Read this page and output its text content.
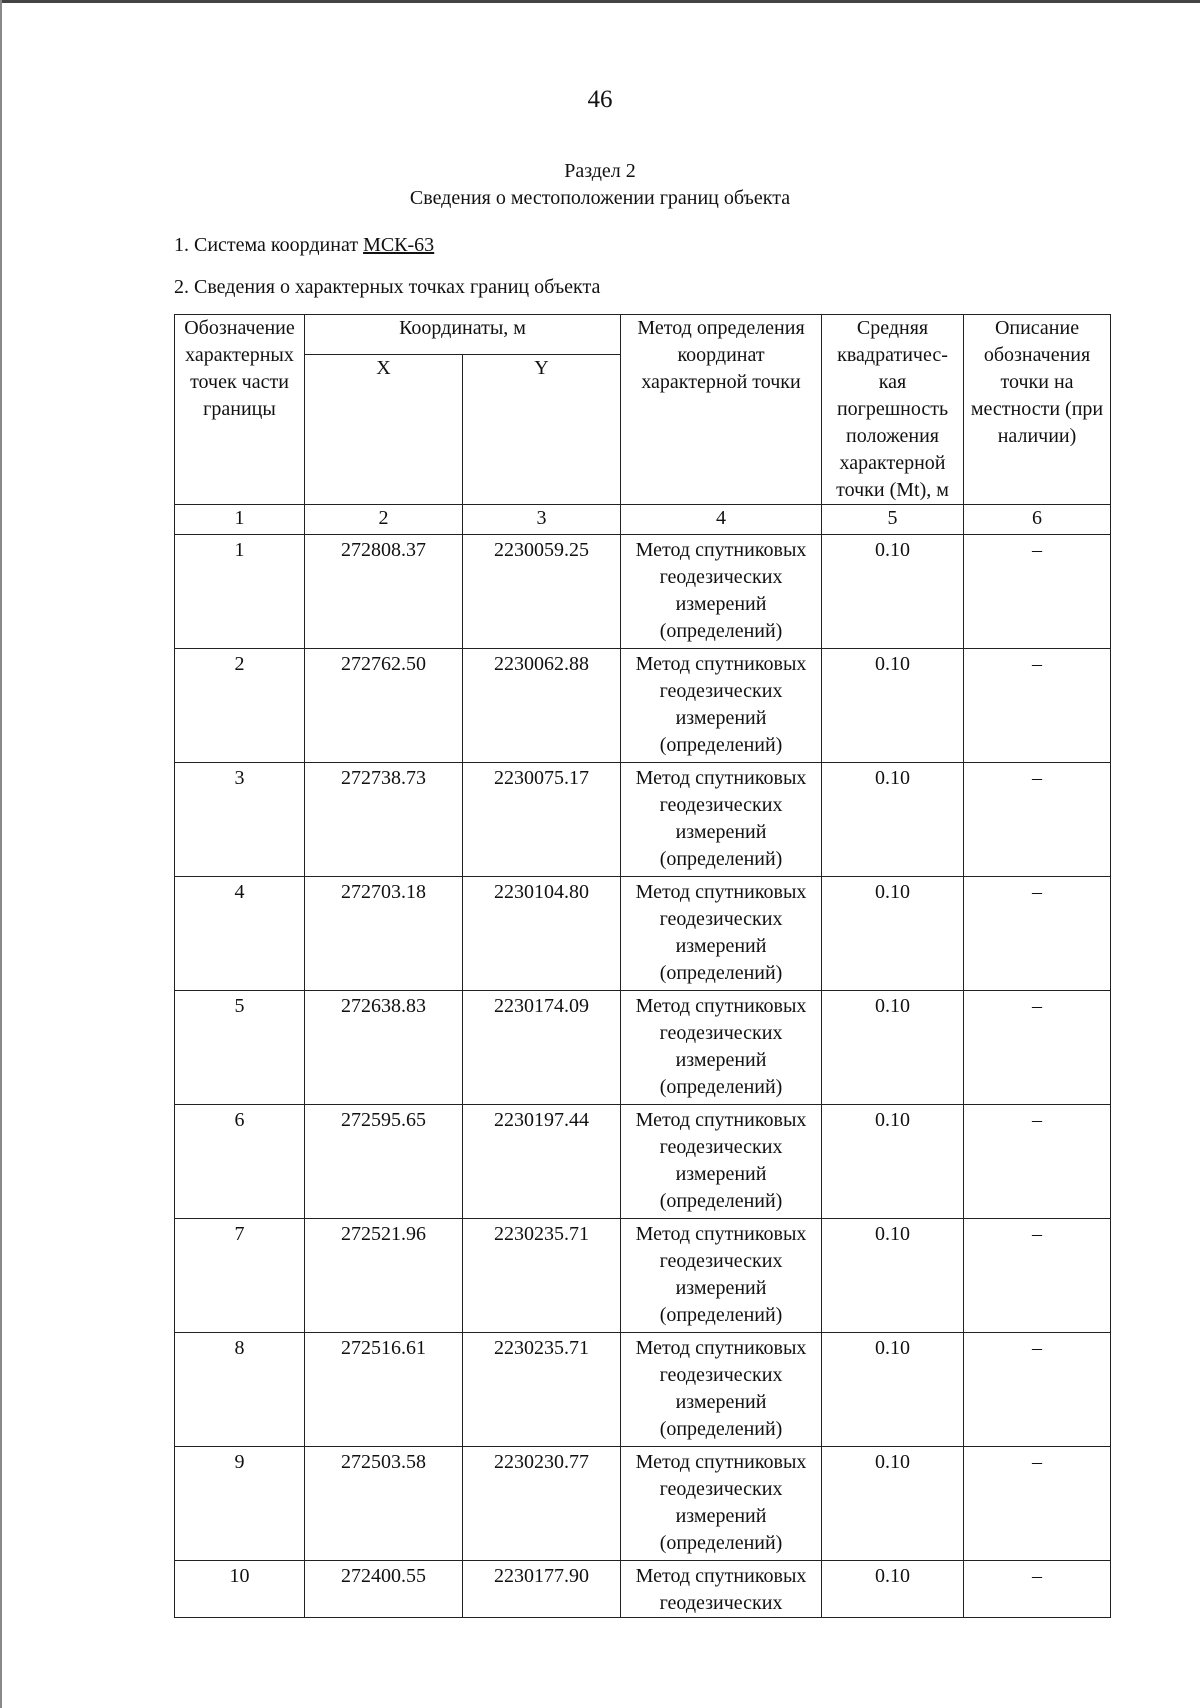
46
Раздел 2
Сведения о местоположении границ объекта
1. Система координат МСК-63
2. Сведения о характерных точках границ объекта
Обозначение характерных точек части границы	Координаты, м		Метод определения координат характерной точки	Средняя квадратичес-кая погрешность положения характерной точки (Mt), м	Описание обозначения точки на местности (при наличии)
	X	Y			
1	2	3	4	5	6
1	272808.37	2230059.25	Метод спутниковых геодезических измерений (определений)	0.10	–
2	272762.50	2230062.88	Метод спутниковых геодезических измерений (определений)	0.10	–
3	272738.73	2230075.17	Метод спутниковых геодезических измерений (определений)	0.10	–
4	272703.18	2230104.80	Метод спутниковых геодезических измерений (определений)	0.10	–
5	272638.83	2230174.09	Метод спутниковых геодезических измерений (определений)	0.10	–
6	272595.65	2230197.44	Метод спутниковых геодезических измерений (определений)	0.10	–
7	272521.96	2230235.71	Метод спутниковых геодезических измерений (определений)	0.10	–
8	272516.61	2230235.71	Метод спутниковых геодезических измерений (определений)	0.10	–
9	272503.58	2230230.77	Метод спутниковых геодезических измерений (определений)	0.10	–
10	272400.55	2230177.90	Метод спутниковых геодезических	0.10	–
